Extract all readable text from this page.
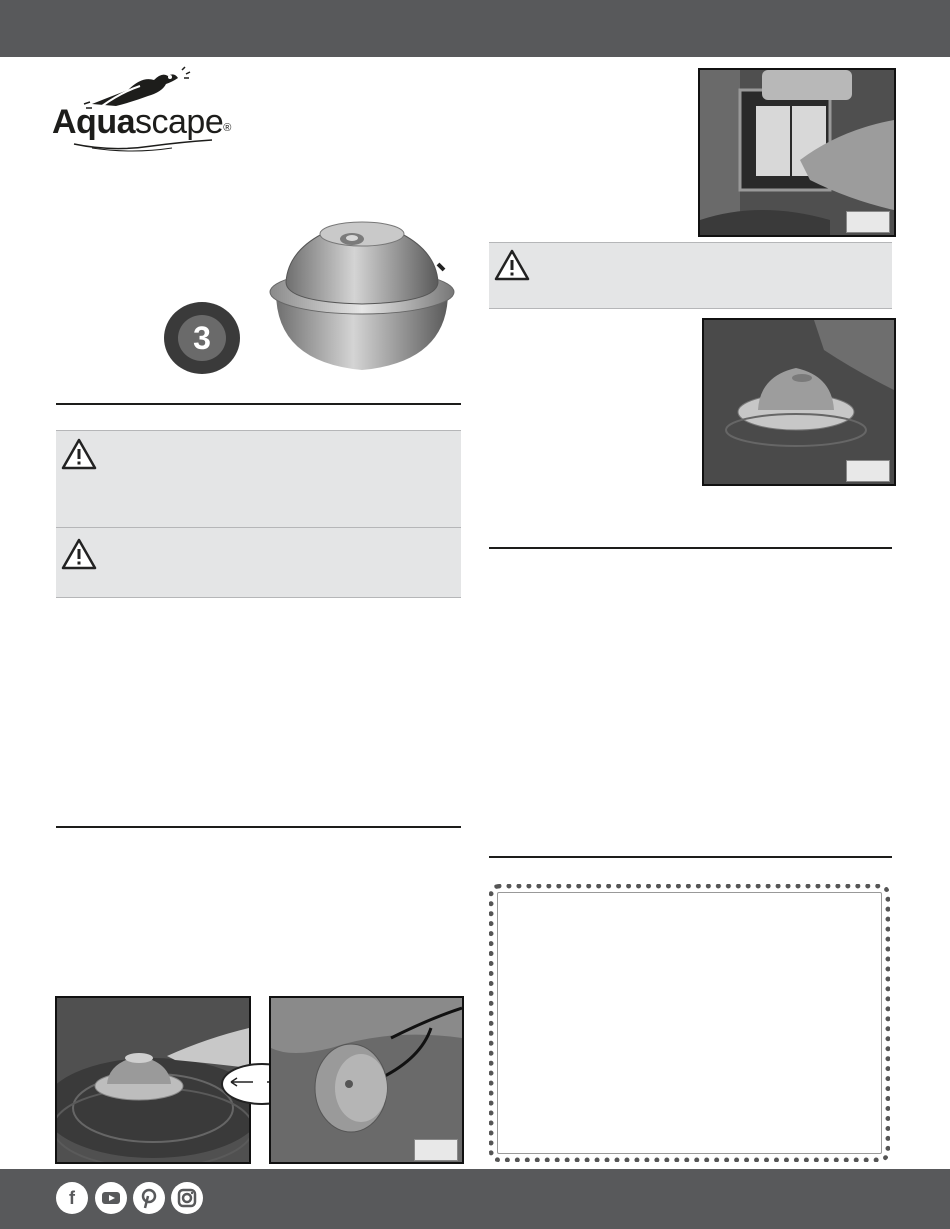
Aquascape®
3
f
